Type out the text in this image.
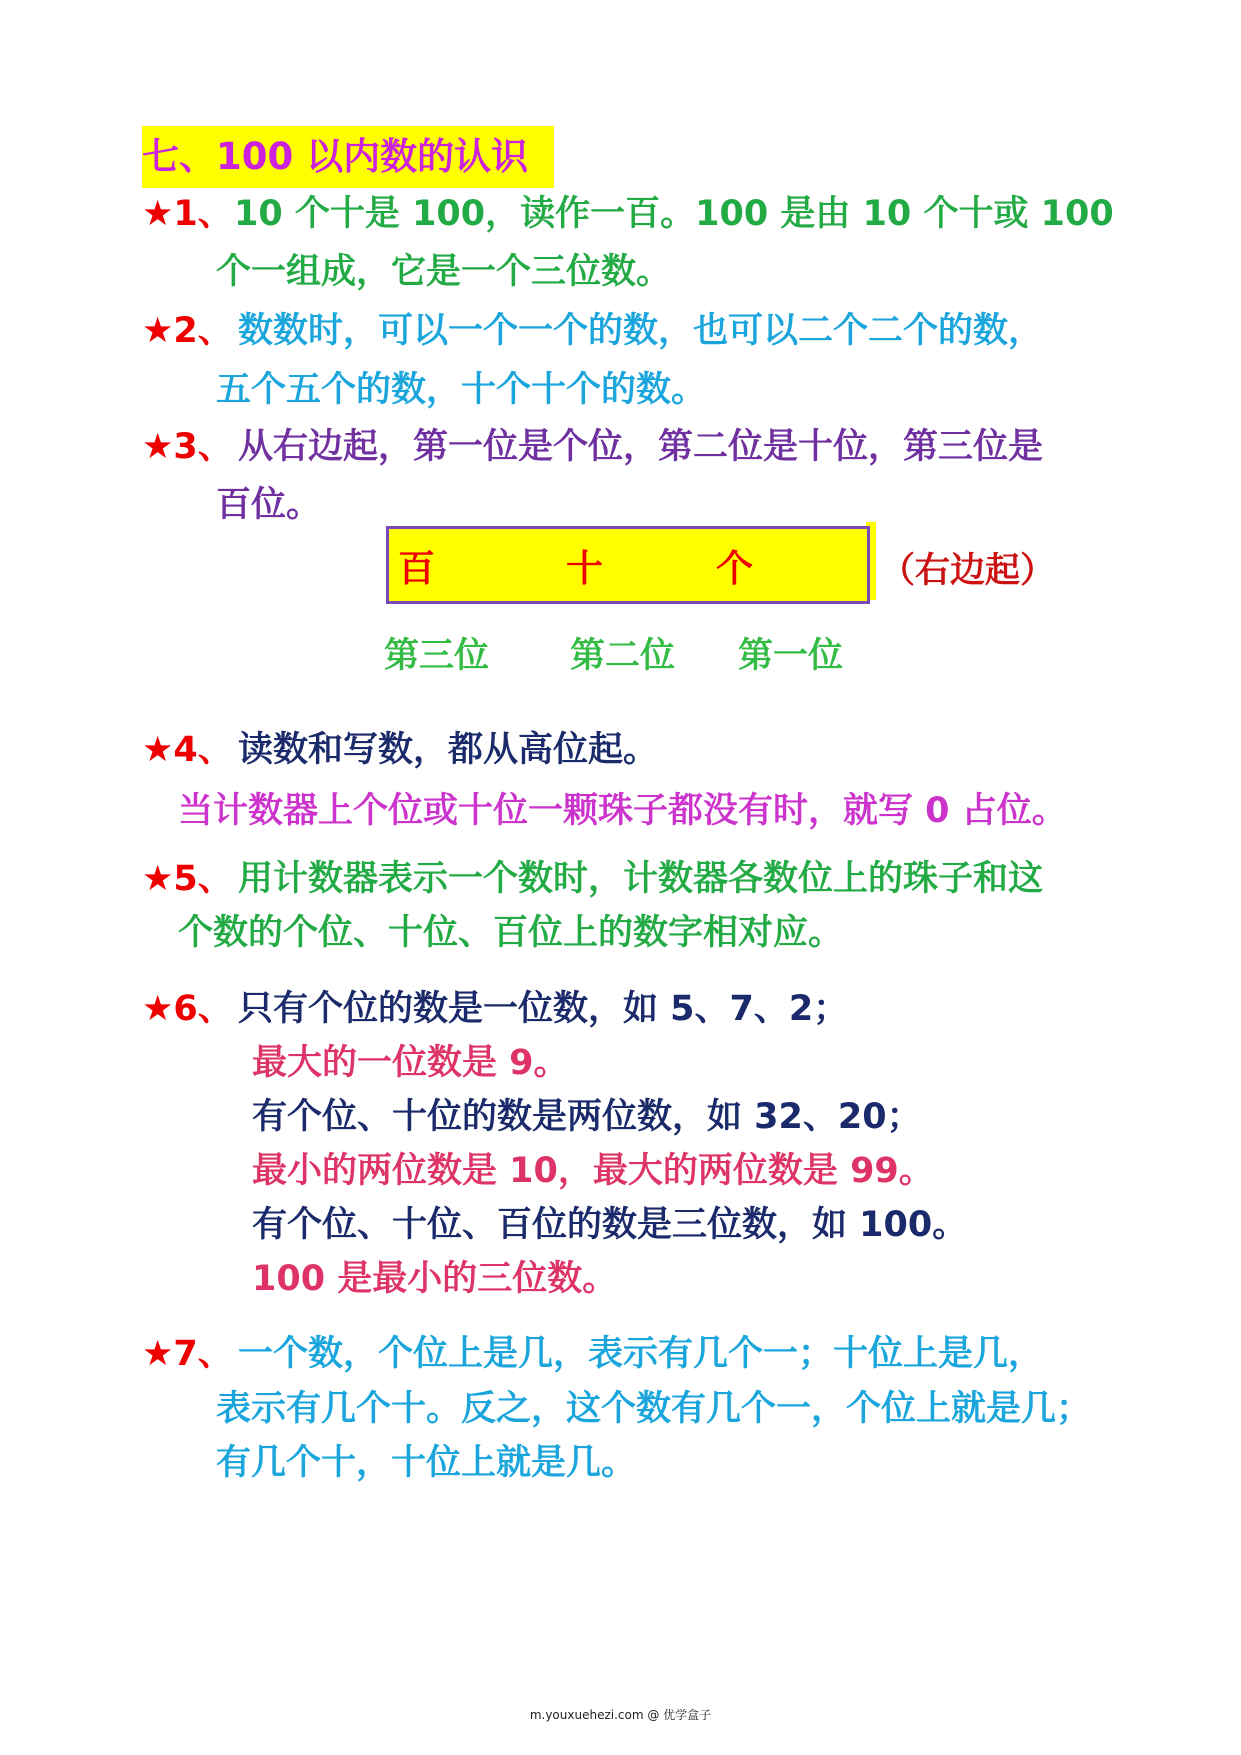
七、100 以内数的认识
★1、 10 个十是 100，读作一百。100 是由 10 个十或 100
个一组成，它是一个三位数。
★2、 数数时，可以一个一个的数，也可以二个二个的数，
五个五个的数，十个十个的数。
★3、 从右边起，第一位是个位，第二位是十位，第三位是
百位。
百	十	个	（右边起）
第三位 第二位 第一位
★4、 读数和写数，都从高位起。
当计数器上个位或十位一颗珠子都没有时，就写 0 占位。
★5、 用计数器表示一个数时，计数器各数位上的珠子和这
个数的个位、十位、百位上的数字相对应。
★6、 只有个位的数是一位数，如 5、7、2；
最大的一位数是 9。
有个位、十位的数是两位数，如 32、20；
最小的两位数是 10，最大的两位数是 99。
有个位、十位、百位的数是三位数，如 100。
100 是最小的三位数。
★7、 一个数，个位上是几，表示有几个一；十位上是几，
表示有几个十。反之，这个数有几个一，个位上就是几；
有几个十，十位上就是几。
m.youxuehezi.com @ 优学盒子
